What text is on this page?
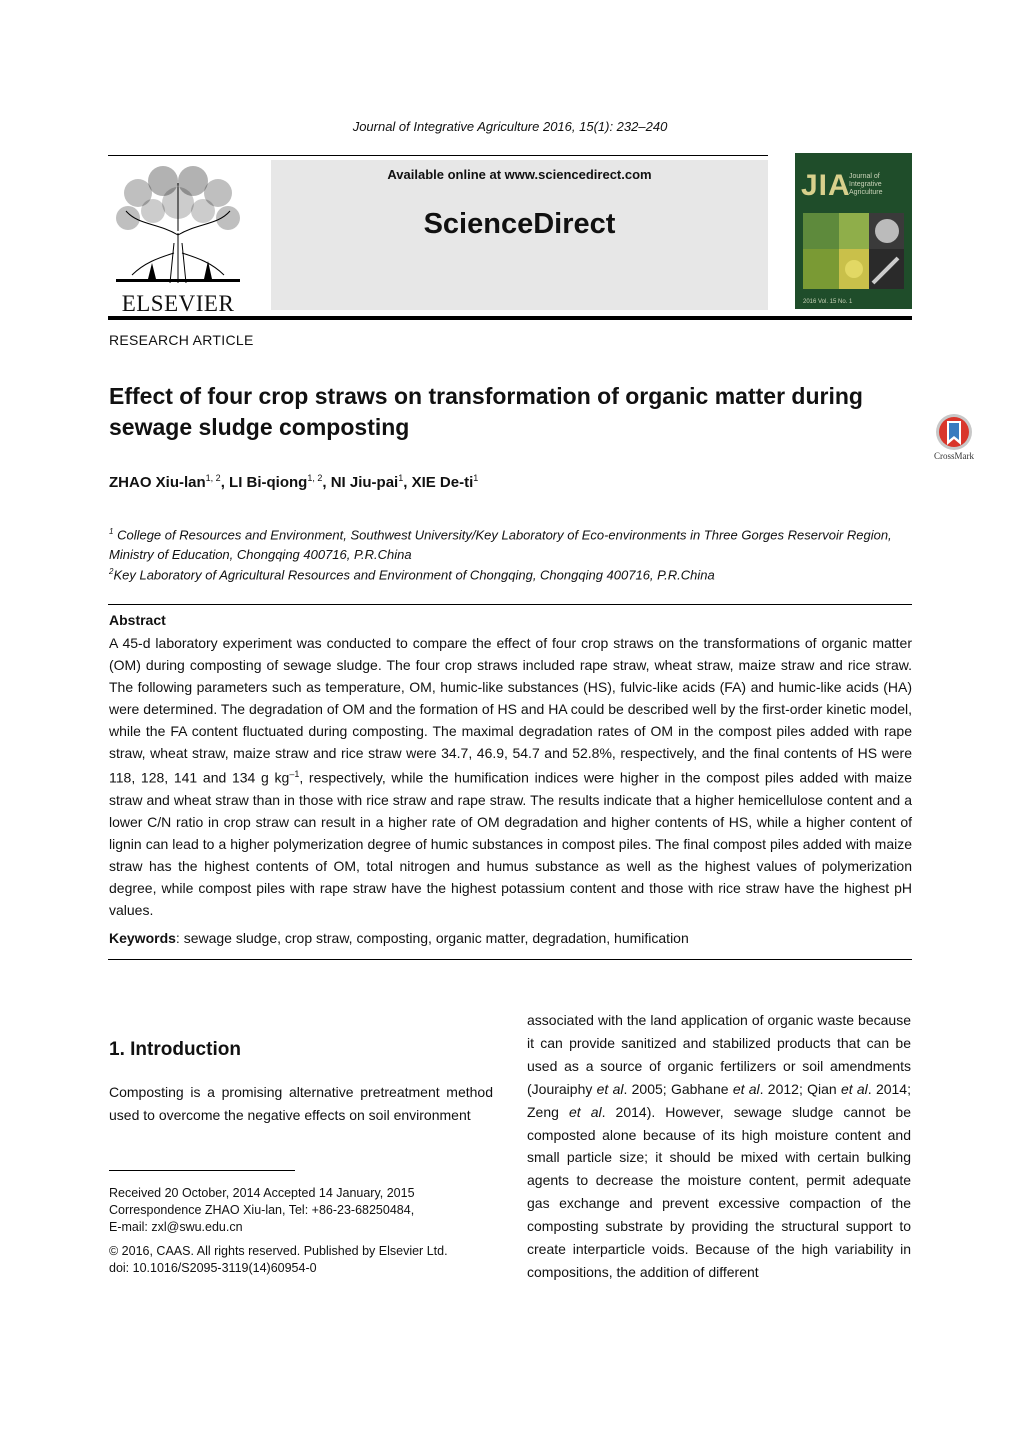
Journal of Integrative Agriculture 2016, 15(1): 232–240
ELSEVIER
Available online at www.sciencedirect.com
ScienceDirect
JIA
Journal of Integrative Agriculture
2016 Vol. 15 No. 1
RESEARCH ARTICLE
Effect of four crop straws on transformation of organic matter during sewage sludge composting
CrossMark
ZHAO Xiu-lan$^{1, 2}$, LI Bi-qiong$^{1, 2}$, NI Jiu-pai$^1$, XIE $De-ti^1$
$^1$ College of Resources and Environment, Southwest University/Key Laboratory of Eco-environments in Three Gorges Reservoir Region, Ministry of Education, Chongqing 400716, P.R.China
$^2$Key Laboratory of Agricultural Resources and Environment of Chongqing, Chongqing 400716, P.R.China
Abstract
A 45-d laboratory experiment was conducted to compare the effect of four crop straws on the transformations of organic matter (OM) during composting of sewage sludge. The four crop straws included rape straw, wheat straw, maize straw and rice straw. The following parameters such as temperature, OM, humic-like substances (HS), fulvic-like acids (FA) and humic-like acids (HA) were determined. The degradation of OM and the formation of HS and HA could be described well by the first-order kinetic model, while the FA content fluctuated during composting. The maximal degradation rates of OM in the compost piles added with rape straw, wheat straw, maize straw and rice straw were 34.7, 46.9, 54.7 and 52.8%, respectively, and the final contents of HS were 118, 128, 141 and 134 g $kg^{-1}$, respectively, while the humification indices were higher in the compost piles added with maize straw and wheat straw than in those with rice straw and rape straw. The results indicate that a higher hemicellulose content and a lower C/N ratio in crop straw can result in a higher rate of OM degradation and higher contents of HS, while a higher content of lignin can lead to a higher polymerization degree of humic substances in compost piles. The final compost piles added with maize straw has the highest contents of OM, total nitrogen and humus substance as well as the highest values of polymerization degree, while compost piles with rape straw have the highest potassium content and those with rice straw have the highest pH values.
Keywords: sewage sludge, crop straw, composting, organic matter, degradation, humification
1. Introduction
Composting is a promising alternative pretreatment method
used to overcome the negative effects on soil environment
Received 20 October, 2014 Accepted 14 January, 2015
Correspondence ZHAO Xiu-lan, Tel: +86-23-68250484,
E-mail: zxl@swu.edu.cn
© 2016, CAAS. All rights reserved. Published by Elsevier Ltd.
doi: 10.1016/S2095-3119(14)60954-0
associated with the land application of organic waste because it can provide sanitized and stabilized products that can be used as a source of organic fertilizers or soil amendments (Jouraiphy et al. 2005; Gabhane et al. 2012; Qian et al. 2014; Zeng et al. 2014). However, sewage sludge cannot be composted alone because of its high moisture content and small particle size; it should be mixed with certain bulking agents to decrease the moisture content, permit adequate gas exchange and prevent excessive compaction of the composting substrate by providing the structural support to create interparticle voids. Because of the high variability in compositions, the addition of different
